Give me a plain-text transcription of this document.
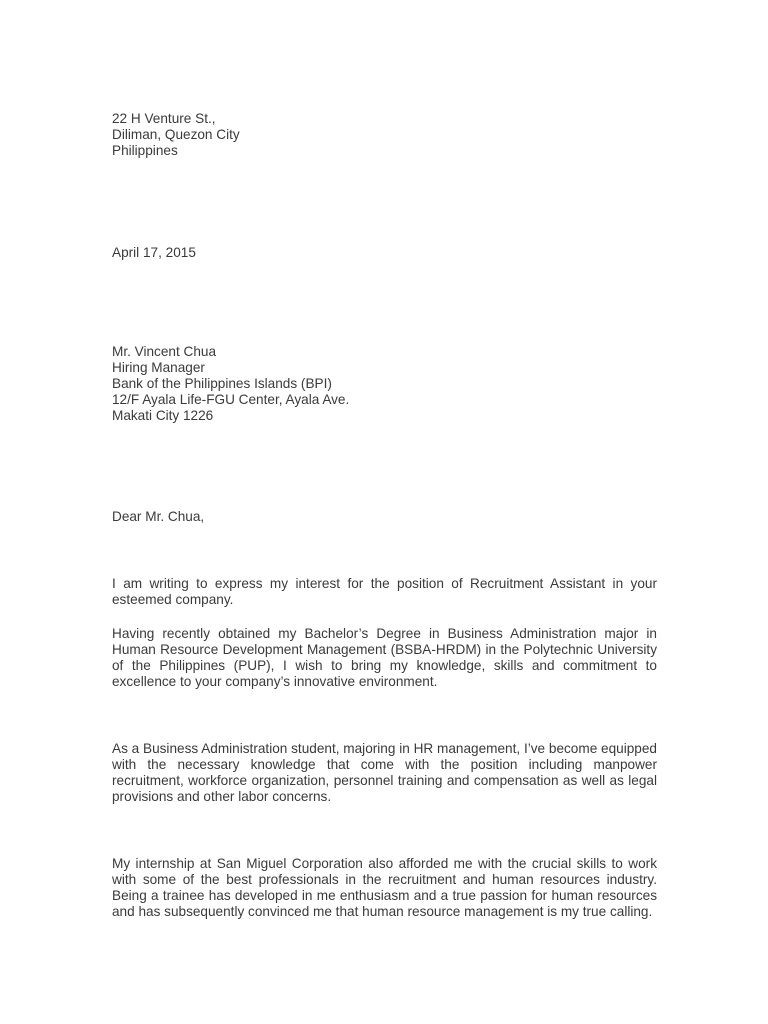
22 H Venture St.,
Diliman, Quezon City
Philippines
April 17, 2015
Mr. Vincent Chua
Hiring Manager
Bank of the Philippines Islands (BPI)
12/F Ayala Life-FGU Center, Ayala Ave.
Makati City 1226
Dear Mr. Chua,

I am writing to express my interest for the position of Recruitment Assistant in your esteemed company.

Having recently obtained my Bachelor’s Degree in Business Administration major in Human Resource Development Management (BSBA-HRDM) in the Polytechnic University of the Philippines (PUP), I wish to bring my knowledge, skills and commitment to excellence to your company’s innovative environment.

As a Business Administration student, majoring in HR management, I’ve become equipped with the necessary knowledge that come with the position including manpower recruitment, workforce organization, personnel training and compensation as well as legal provisions and other labor concerns.

My internship at San Miguel Corporation also afforded me with the crucial skills to work with some of the best professionals in the recruitment and human resources industry. Being a trainee has developed in me enthusiasm and a true passion for human resources and has subsequently convinced me that human resource management is my true calling.
